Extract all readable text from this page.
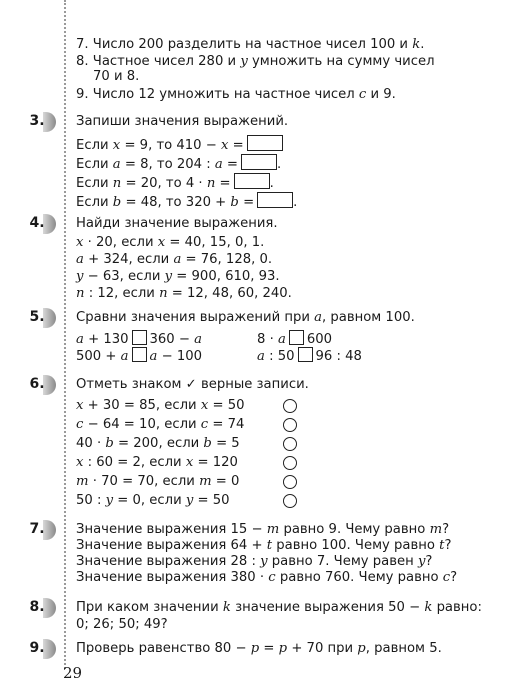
7. Число 200 разделить на частное чисел 100 и k.
8. Частное чисел 280 и y умножить на сумму чисел
70 и 8.
9. Число 12 умножить на частное чисел c и 9.
3. Запиши значения выражений.
Если x = 9, то 410 − x =
Если a = 8, то 204 : a =	.
Если n = 20, то 4 · n =	.
Если b = 48, то 320 + b =	.
4. Найди значение выражения.
x · 20, если x = 40, 15, 0, 1.
a + 324, если a = 76, 128, 0.
y − 63, если y = 900, 610, 93.
n : 12, если n = 12, 48, 60, 240.
5. Сравни значения выражений при a, равном 100.
a + 130 360 − a	8 · a 600
500 + a a − 100	a : 50 96 : 48
6. Отметь знаком ✓ верные записи.
x + 30 = 85, если x = 50
c − 64 = 10, если c = 74
40 · b = 200, если b = 5
x : 60 = 2, если x = 120
m · 70 = 70, если m = 0
50 : y = 0, если y = 50
7. Значение выражения 15 − m равно 9. Чему равно m?
Значение выражения 64 + t равно 100. Чему равно t?
Значение выражения 28 : y равно 7. Чему равен y?
Значение выражения 380 · c равно 760. Чему равно c?
8. При каком значении k значение выражения 50 − k равно:
0; 26; 50; 49?
9. Проверь равенство 80 − p = p + 70 при p, равном 5.
29
